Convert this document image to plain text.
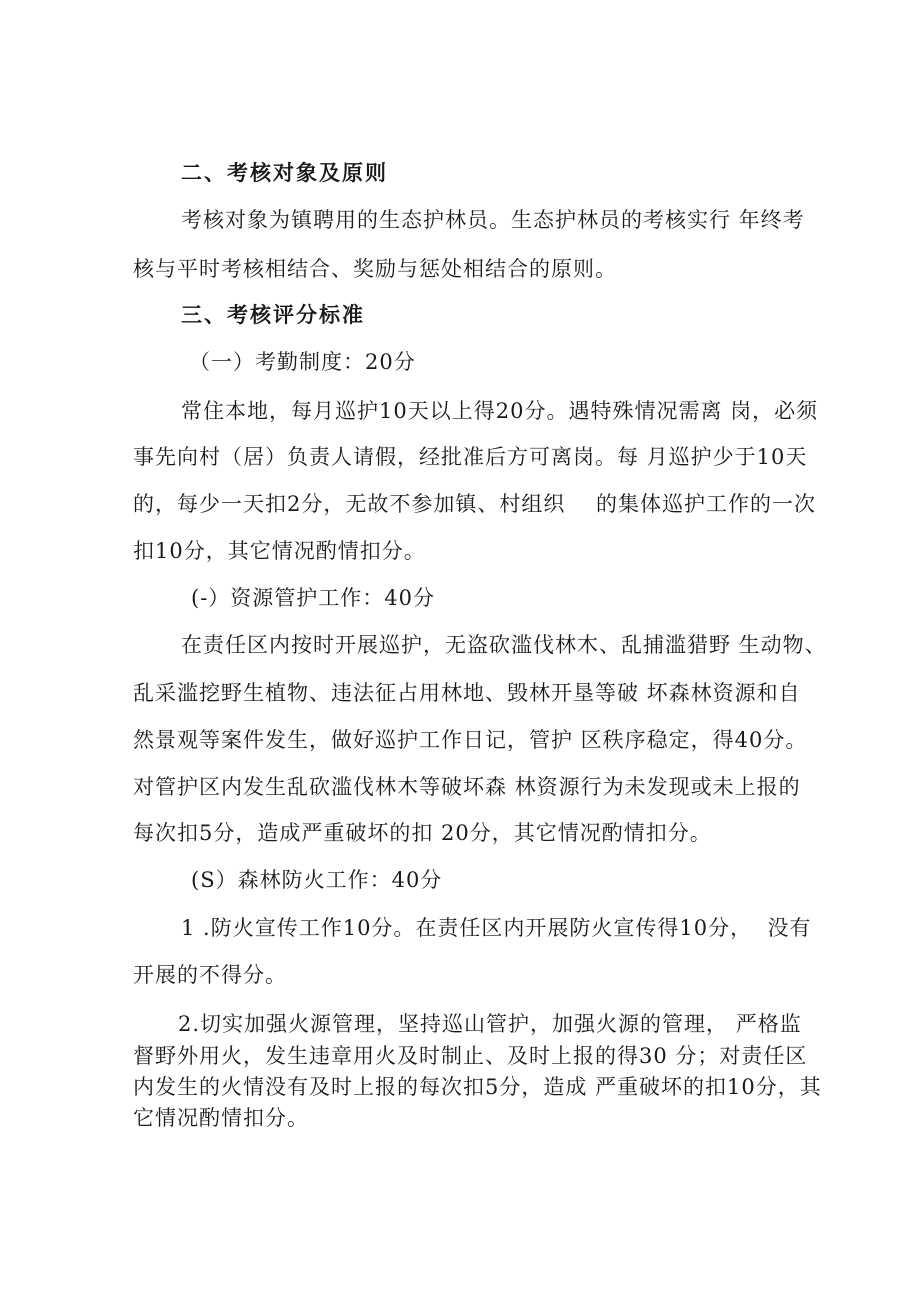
二、考核对象及原则
考核对象为镇聘用的生态护林员。生态护林员的考核实行 年终考
核与平时考核相结合、奖励与惩处相结合的原则。
三、考核评分标准
（一）考勤制度：20分
常住本地，每月巡护10天以上得20分。遇特殊情况需离 岗，必须
事先向村（居）负责人请假，经批准后方可离岗。每 月巡护少于10天
的，每少一天扣2分，无故不参加镇、村组织    的集体巡护工作的一次
扣10分，其它情况酌情扣分。
(-）资源管护工作：40分
在责任区内按时开展巡护，无盗砍滥伐林木、乱捕滥猎野 生动物、
乱采滥挖野生植物、违法征占用林地、毁林开垦等破 坏森林资源和自
然景观等案件发生，做好巡护工作日记，管护 区秩序稳定，得40分。
对管护区内发生乱砍滥伐林木等破坏森 林资源行为未发现或未上报的
每次扣5分，造成严重破坏的扣 20分，其它情况酌情扣分。
(S）森林防火工作：40分
1 .防火宣传工作10分。在责任区内开展防火宣传得10分，  没有
开展的不得分。
2.切实加强火源管理，坚持巡山管护，加强火源的管理， 严格监
督野外用火，发生违章用火及时制止、及时上报的得30 分；对责任区
内发生的火情没有及时上报的每次扣5分，造成 严重破坏的扣10分，其
它情况酌情扣分。
